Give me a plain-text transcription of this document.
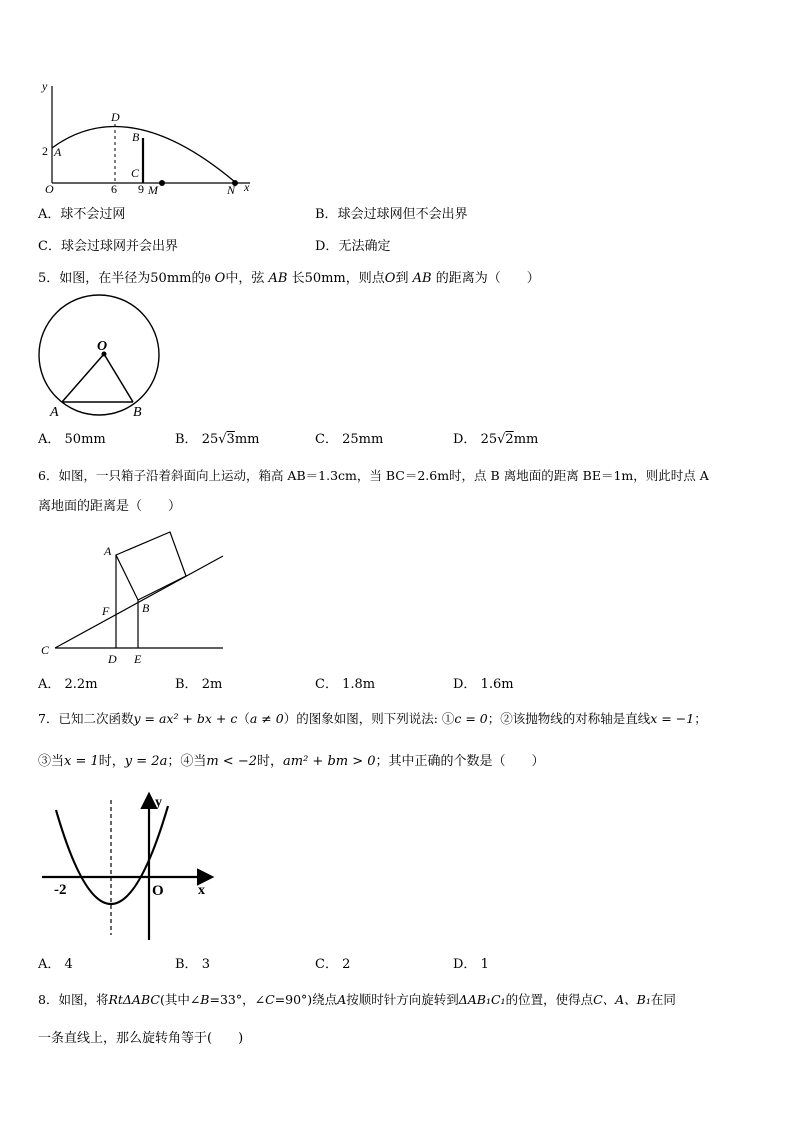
y
x
O
2 A
D
B
C
6 9 M	N
A．球不会过网	B．球会过球网但不会出界
C．球会过球网并会出界	D．无法确定
5．如图，在半径为50mm的θ O中，弦 AB 长50mm，则点O到 AB 的距离为（　　）
O
A	B
A． 50mm	B． 25√3mm	C． 25mm	D． 25√2mm
6．如图，一只箱子沿着斜面向上运动，箱高 AB＝1.3cm，当 BC＝2.6m时，点 B 离地面的距离 BE＝1m，则此时点 A
离地面的距离是（　　）
A
F	B
C
D E
A． 2.2m	B． 2m	C． 1.8m	D． 1.6m
7．已知二次函数y = ax² + bx + c（a ≠ 0）的图象如图，则下列说法: ①c = 0；②该抛物线的对称轴是直线x = −1；
③当x = 1时，y = 2a；④当m < −2时，am² + bm > 0；其中正确的个数是（　　）
y
x
-2	O
A． 4	B． 3	C． 2	D． 1
8．如图，将RtΔABC(其中∠B=33°，∠C=90°)绕点A按顺时针方向旋转到ΔAB₁C₁的位置，使得点C、A、B₁在同
一条直线上，那么旋转角等于(　　)
